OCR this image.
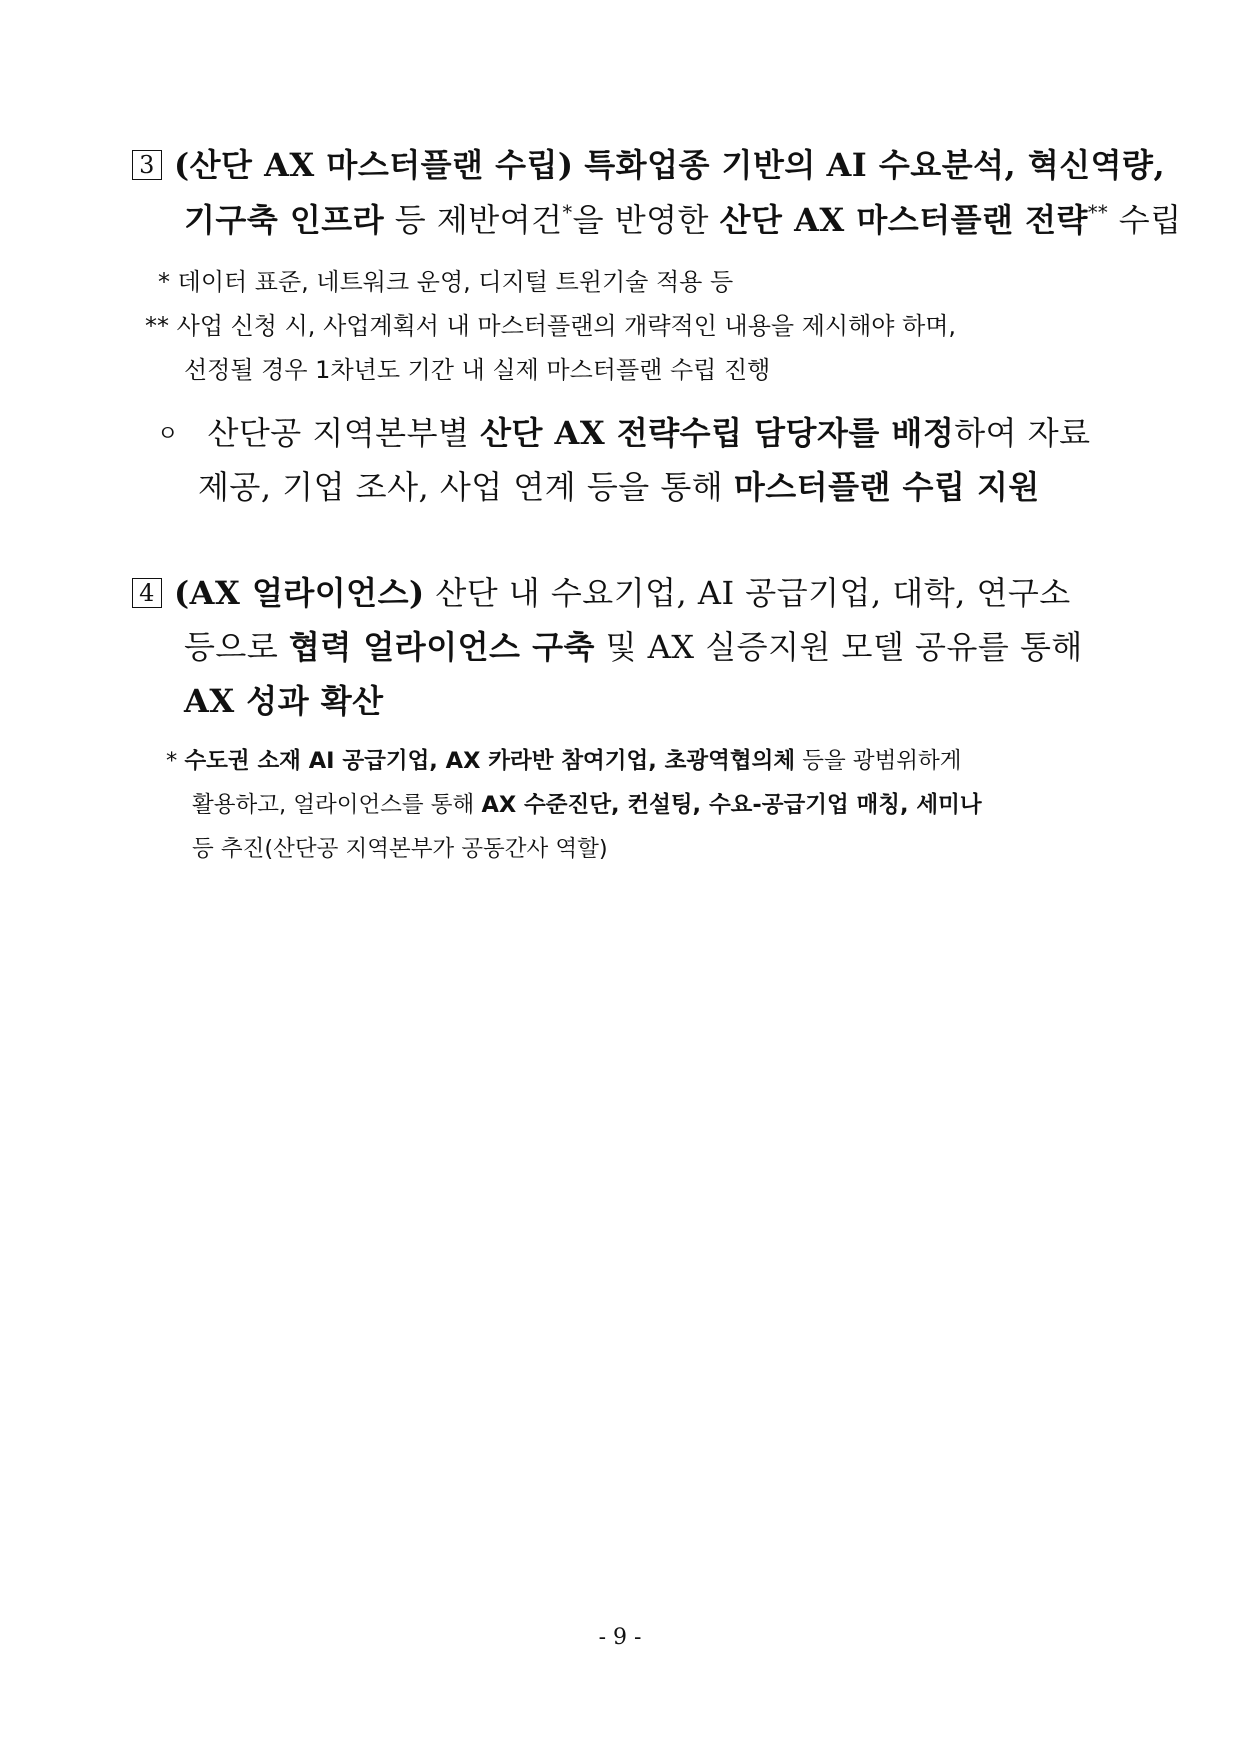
3 (산단 AX 마스터플랜 수립) 특화업종 기반의 AI 수요분석, 혁신역량,
기구축 인프라 등 제반여건*을 반영한 산단 AX 마스터플랜 전략** 수립
* 데이터 표준, 네트워크 운영, 디지털 트윈기술 적용 등
** 사업 신청 시, 사업계획서 내 마스터플랜의 개략적인 내용을 제시해야 하며,
선정될 경우 1차년도 기간 내 실제 마스터플랜 수립 진행
ㅇ 산단공 지역본부별 산단 AX 전략수립 담당자를 배정하여 자료
제공, 기업 조사, 사업 연계 등을 통해 마스터플랜 수립 지원
4 (AX 얼라이언스) 산단 내 수요기업, AI 공급기업, 대학, 연구소
등으로 협력 얼라이언스 구축 및 AX 실증지원 모델 공유를 통해
AX 성과 확산
* 수도권 소재 AI 공급기업, AX 카라반 참여기업, 초광역협의체 등을 광범위하게
활용하고, 얼라이언스를 통해 AX 수준진단, 컨설팅, 수요-공급기업 매칭, 세미나
등 추진(산단공 지역본부가 공동간사 역할)
- 9 -
